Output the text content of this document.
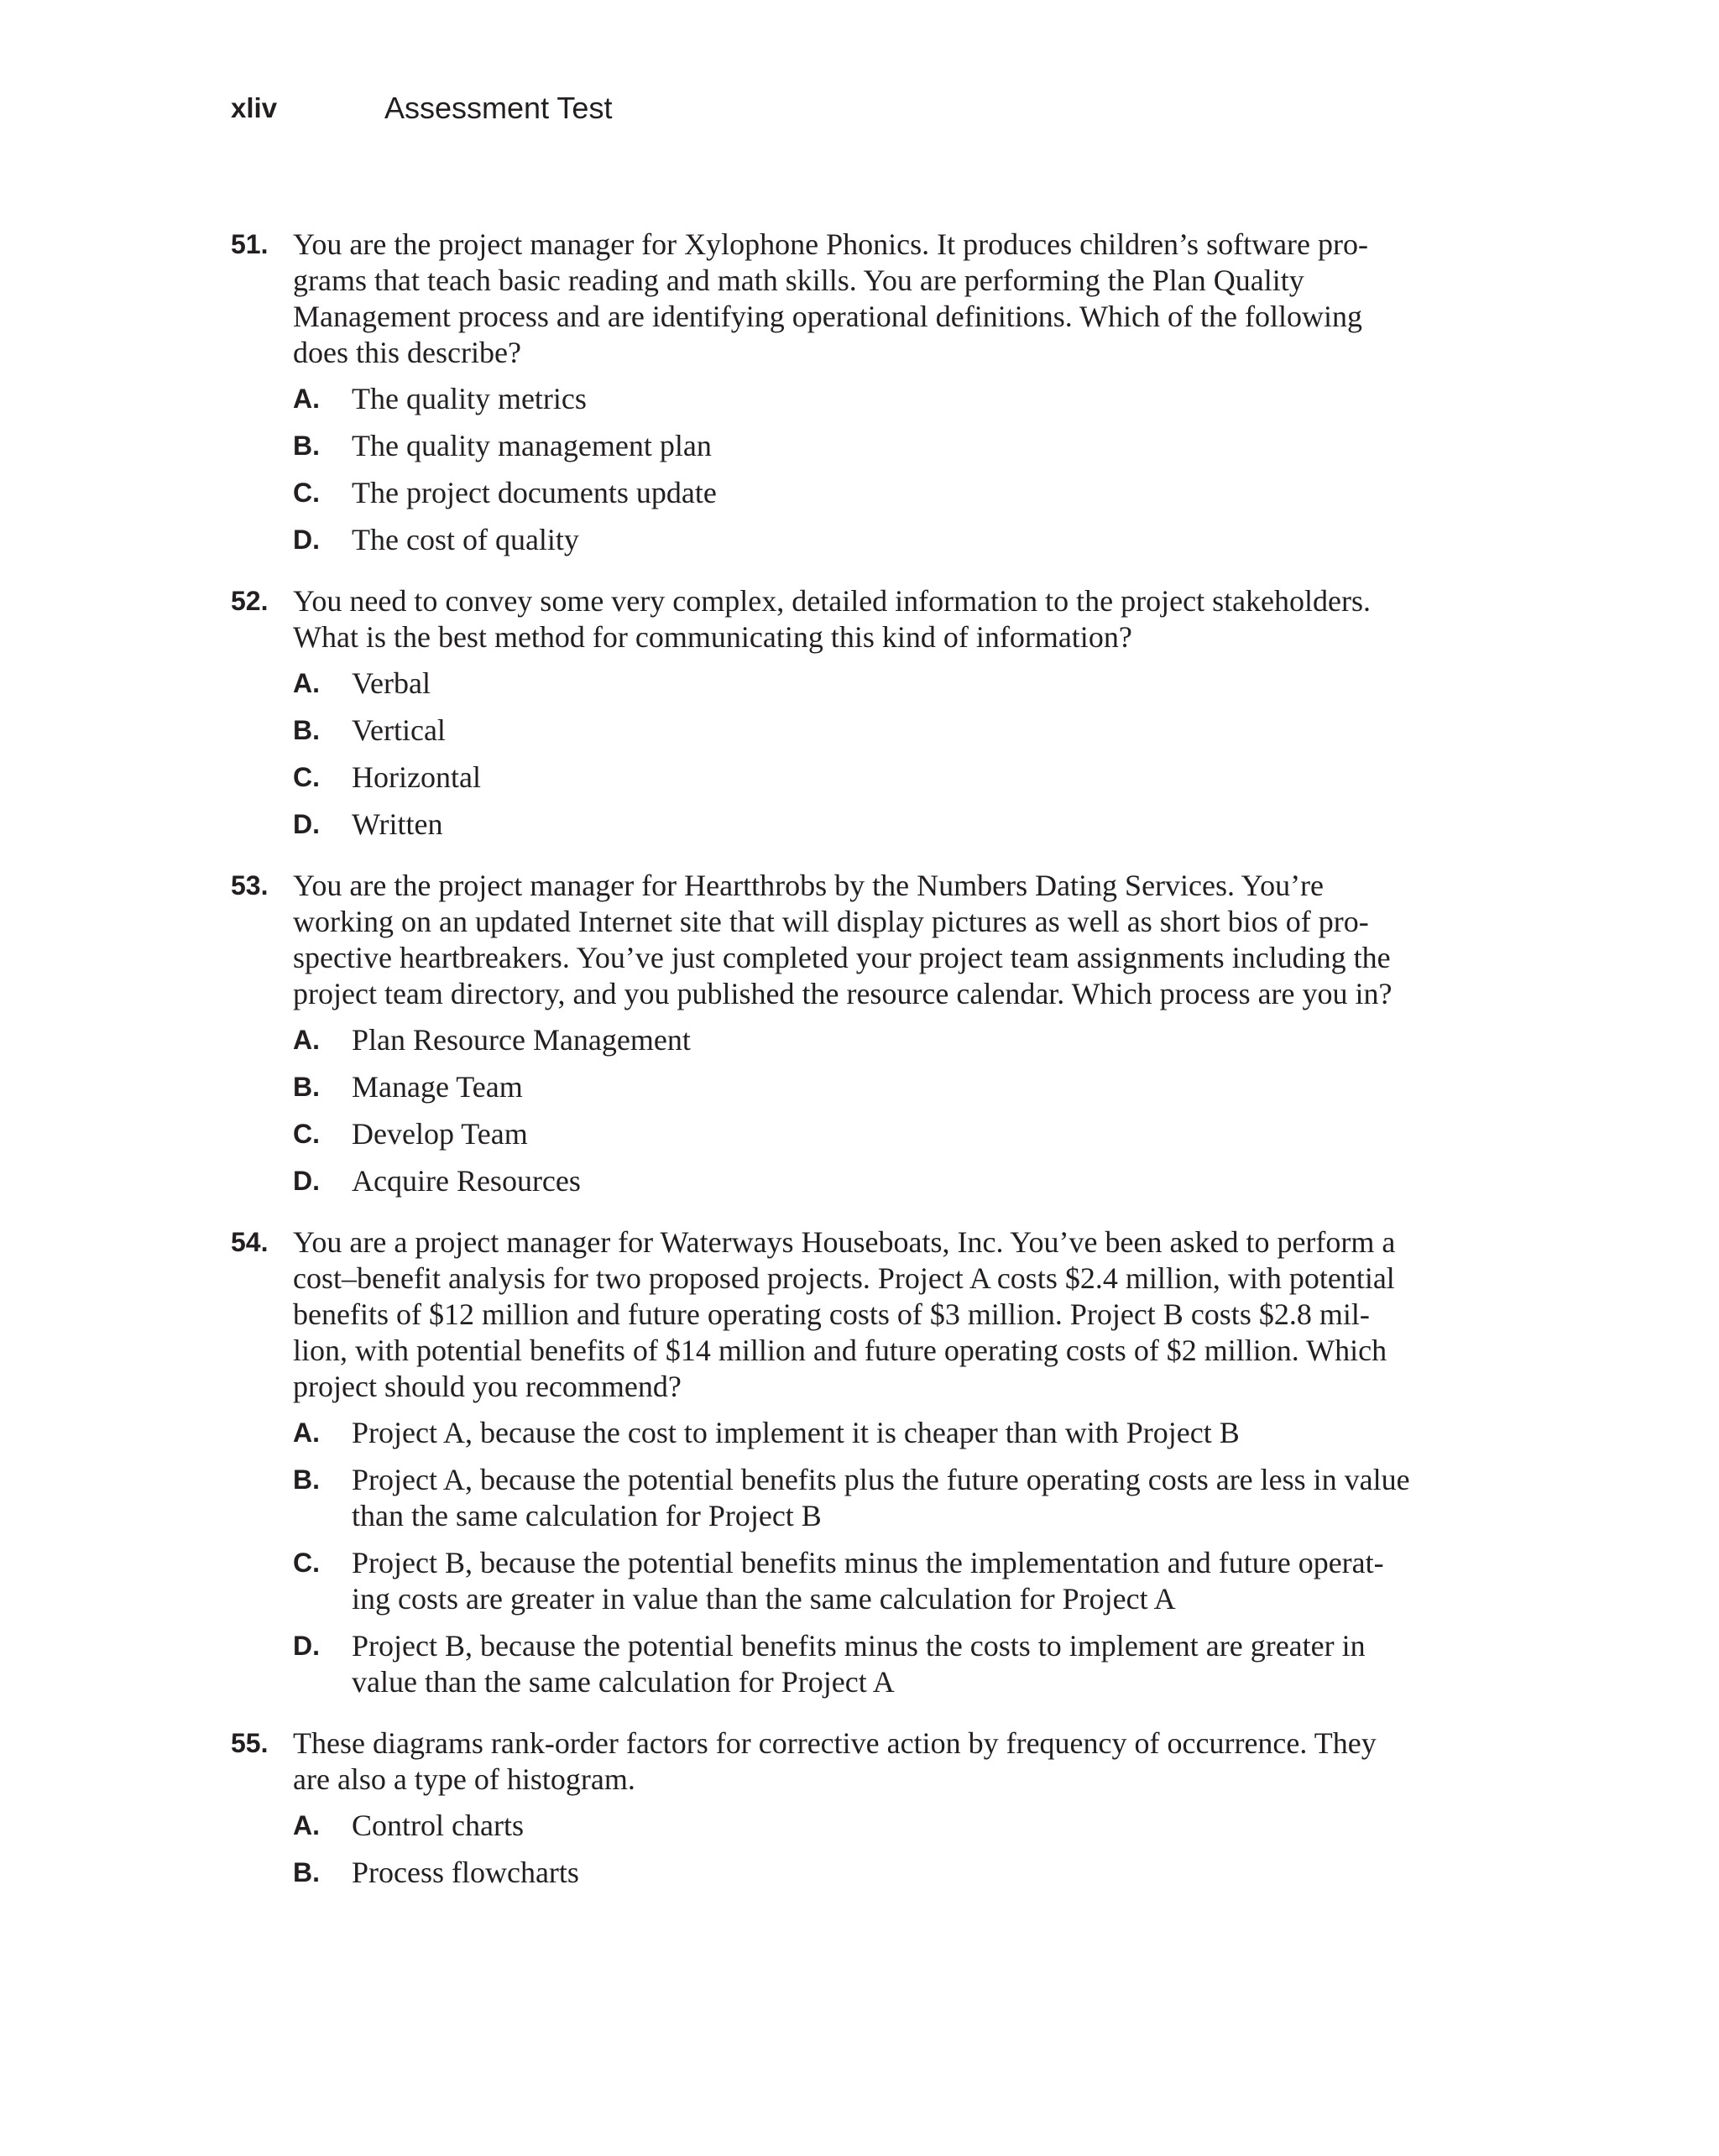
xliv	Assessment Test
51. You are the project manager for Xylophone Phonics. It produces children’s software pro-
grams that teach basic reading and math skills. You are performing the Plan Quality
Management process and are identifying operational definitions. Which of the following
does this describe?
A. The quality metrics
B. The quality management plan
C. The project documents update
D. The cost of quality
52. You need to convey some very complex, detailed information to the project stakeholders.
What is the best method for communicating this kind of information?
A. Verbal
B. Vertical
C. Horizontal
D. Written
53. You are the project manager for Heartthrobs by the Numbers Dating Services. You’re
working on an updated Internet site that will display pictures as well as short bios of pro-
spective heartbreakers. You’ve just completed your project team assignments including the
project team directory, and you published the resource calendar. Which process are you in?
A. Plan Resource Management
B. Manage Team
C. Develop Team
D. Acquire Resources
54. You are a project manager for Waterways Houseboats, Inc. You’ve been asked to perform a
cost–benefit analysis for two proposed projects. Project A costs $2.4 million, with potential
benefits of $12 million and future operating costs of $3 million. Project B costs $2.8 mil-
lion, with potential benefits of $14 million and future operating costs of $2 million. Which
project should you recommend?
A. Project A, because the cost to implement it is cheaper than with Project B
B. Project A, because the potential benefits plus the future operating costs are less in value
than the same calculation for Project B
C. Project B, because the potential benefits minus the implementation and future operat-
ing costs are greater in value than the same calculation for Project A
D. Project B, because the potential benefits minus the costs to implement are greater in
value than the same calculation for Project A
55. These diagrams rank-order factors for corrective action by frequency of occurrence. They
are also a type of histogram.
A. Control charts
B. Process flowcharts
